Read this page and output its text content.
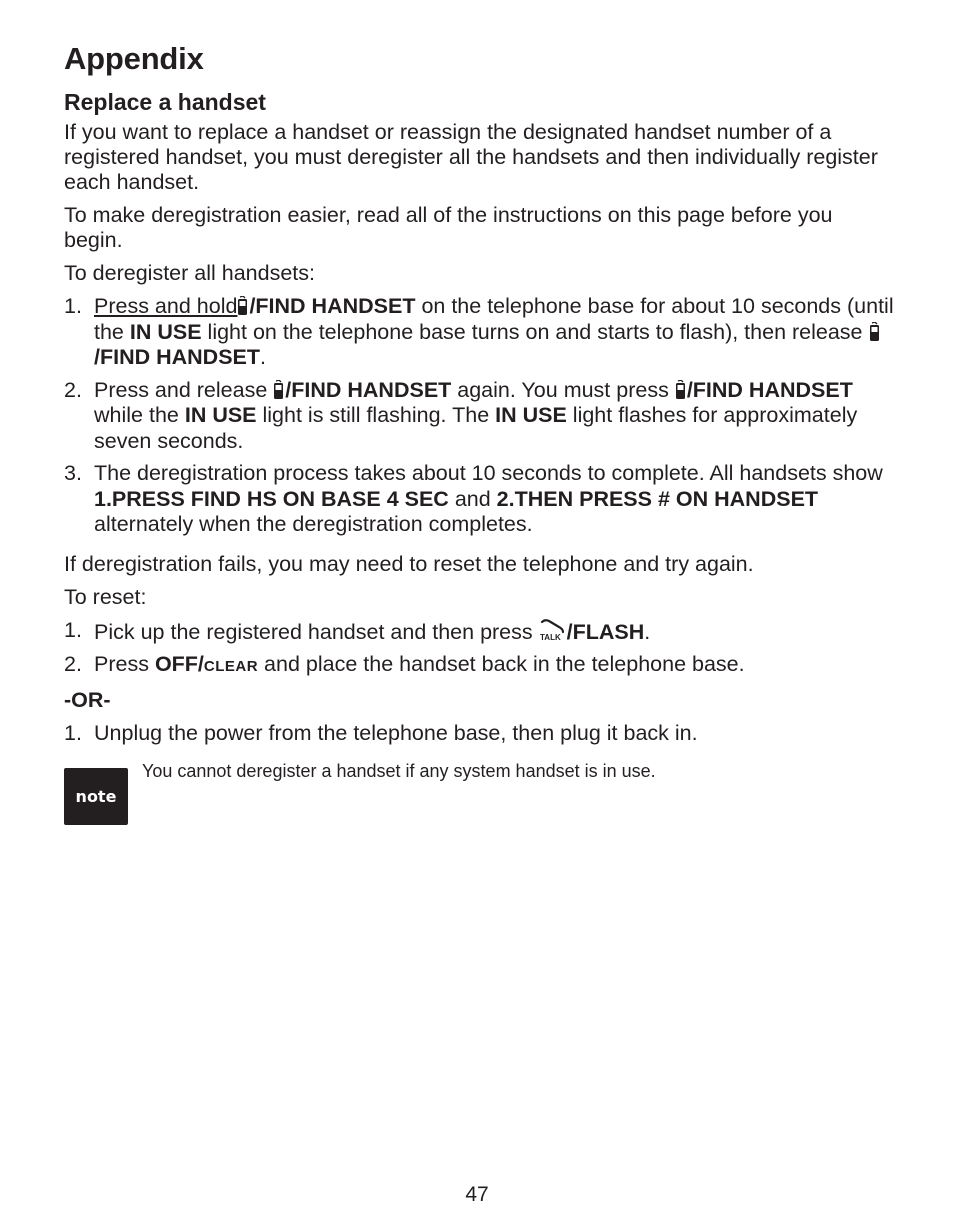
Appendix
Replace a handset

If you want to replace a handset or reassign the designated handset number of a registered handset, you must deregister all the handsets and then individually register each handset.

To make deregistration easier, read all of the instructions on this page before you begin.

To deregister all handsets:

1. Press and hold /FIND HANDSET on the telephone base for about 10 seconds (until the IN USE light on the telephone base turns on and starts to flash), then release /FIND HANDSET.
2. Press and release /FIND HANDSET again. You must press /FIND HANDSET while the IN USE light is still flashing. The IN USE light flashes for approximately seven seconds.
3. The deregistration process takes about 10 seconds to complete. All handsets show 1.PRESS FIND HS ON BASE 4 SEC and 2.THEN PRESS # ON HANDSET alternately when the deregistration completes.

If deregistration fails, you may need to reset the telephone and try again.

To reset:

1. Pick up the registered handset and then press TALK /FLASH.
2. Press OFF/CLEAR and place the handset back in the telephone base.
-OR-
1. Unplug the power from the telephone base, then plug it back in.
note
You cannot deregister a handset if any system handset is in use.
47
